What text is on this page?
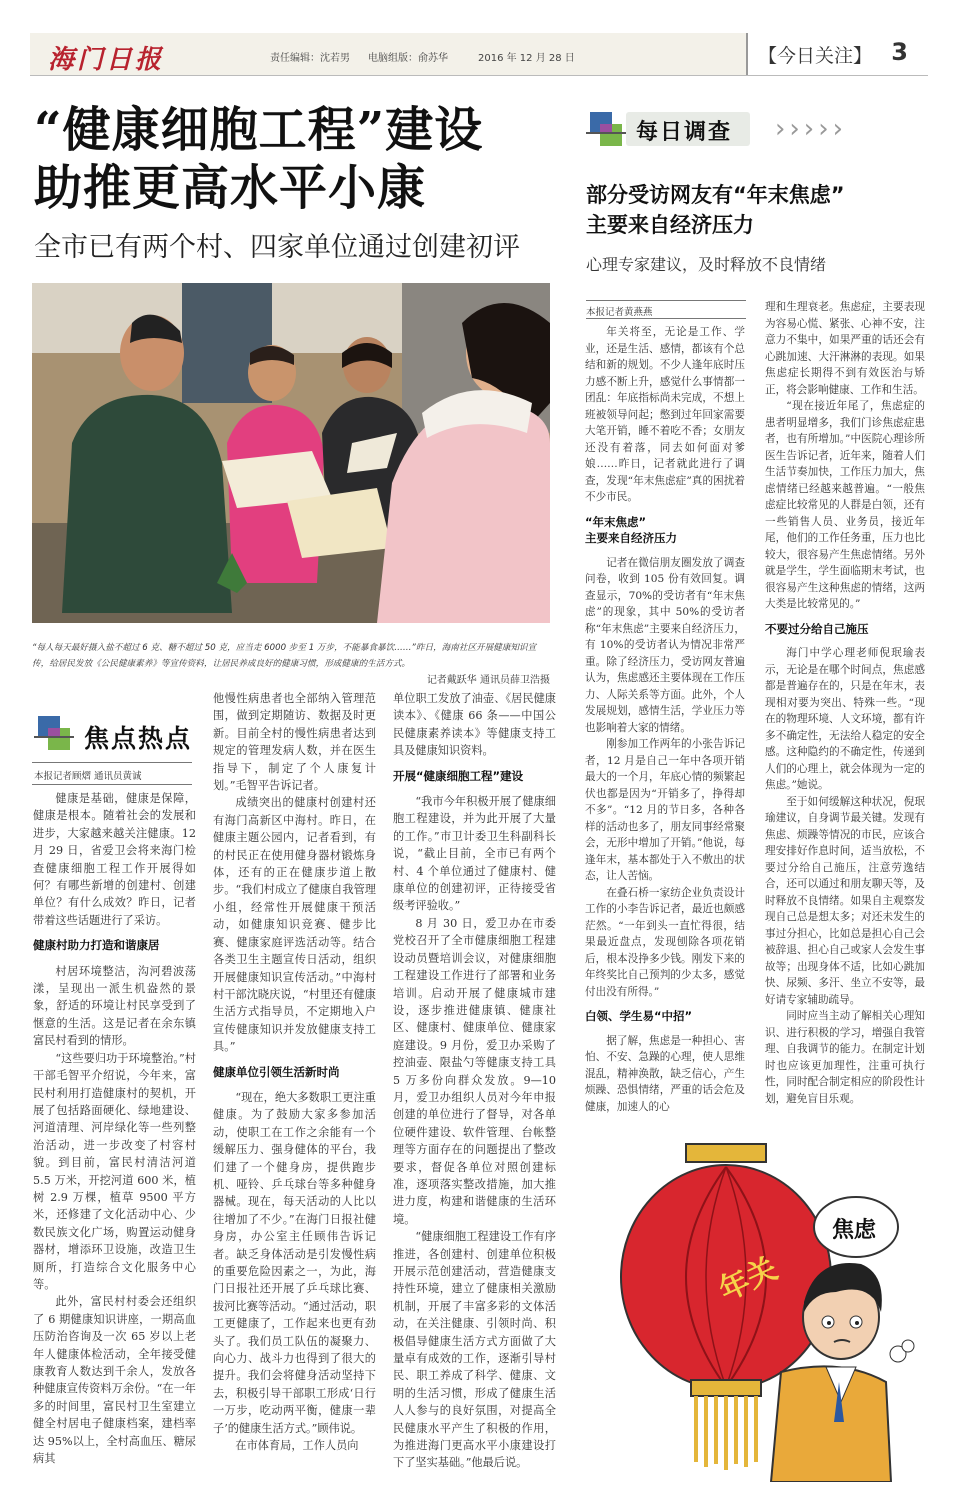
海门日报	责任编辑：沈若男 电脑组版：俞苏华	2016 年 12 月 28 日	【今日关注】 3
“健康细胞工程”建设
助推更高水平小康
全市已有两个村、四家单位通过创建初评
“每人每天最好摄入盐不超过 6 克、糖不超过 50 克，应当走 6000 步至 1 万步，不能暴食暴饮……”昨日，海南社区开展健康知识宣传，给居民发放《公民健康素养》等宣传资料，让居民养成良好的健康习惯，形成健康的生活方式。
记者戴跃华 通讯员薛卫浩摄
焦点热点
本报记者顾熠 通讯员黄诚

健康是基础，健康是保障，健康是根本。随着社会的发展和进步，大家越来越关注健康。12 月 29 日，省爱卫会将来海门检查健康细胞工程工作开展得如何？有哪些新增的创建村、创建单位？有什么成效？昨日，记者带着这些话题进行了采访。

健康村助力打造和谐康居

村居环境整洁，沟河碧波荡漾，呈现出一派生机盎然的景象，舒适的环境让村民享受到了惬意的生活。这是记者在余东镇富民村看到的情形。

“这些要归功于环境整治。”村干部毛智平介绍说，今年来，富民村利用打造健康村的契机，开展了包括路面硬化、绿地建设、河道清理、河岸绿化等一些列整治活动，进一步改变了村容村貌。到目前，富民村清洁河道 5.5 万米，开挖河道 600 米，植树 2.9 万棵，植草 9500 平方米，还修建了文化活动中心、少数民族文化广场，购置运动健身器材，增添环卫设施，改造卫生厕所，打造综合文化服务中心等。

此外，富民村村委会还组织了 6 期健康知识讲座，一期高血压防治咨询及一次 65 岁以上老年人健康体检活动，全年接受健康教育人数达到千余人，发放各种健康宣传资料万余份。“在一年多的时间里，富民村卫生室建立健全村居电子健康档案，建档率达 95%以上，全村高血压、糖尿病其

他慢性病患者也全部纳入管理范围，做到定期随访、数据及时更新。目前全村的慢性病患者达到规定的管理发病人数，并在医生指导下，制定了个人康复计划。”毛智平告诉记者。

成绩突出的健康村创建村还有海门高新区中海村。昨日，在健康主题公园内，记者看到，有的村民正在使用健身器材锻炼身体，还有的正在健康步道上散步。“我们村成立了健康自我管理小组，经常性开展健康干预活动，如健康知识竞赛、健步比赛、健康家庭评选活动等。结合各类卫生主题宣传日活动，组织开展健康知识宣传活动。”中海村村干部沈晓庆说，“村里还有健康生活方式指导员，不定期地入户宣传健康知识并发放健康支持工具。”

健康单位引领生活新时尚

“现在，绝大多数职工更注重健康。为了鼓励大家多参加活动，使职工在工作之余能有一个缓解压力、强身健体的平台，我们建了一个健身房，提供跑步机、哑铃、乒乓球台等多种健身器械。现在，每天活动的人比以往增加了不少。”在海门日报社健身房，办公室主任顾伟告诉记者。缺乏身体活动是引发慢性病的重要危险因素之一，为此，海门日报社还开展了乒乓球比赛、拔河比赛等活动。“通过活动，职工更健康了，工作起来也更有劲头了。我们员工队伍的凝聚力、向心力、战斗力也得到了很大的提升。我们会将健身活动坚持下去，积极引导干部职工形成‘日行一万步，吃动两平衡，健康一辈子’的健康生活方式。”顾伟说。

在市体育局，工作人员向

单位职工发放了油壶、《居民健康读本》、《健康 66 条——中国公民健康素养读本》等健康支持工具及健康知识资料。

开展“健康细胞工程”建设

“我市今年积极开展了健康细胞工程建设，并为此开展了大量的工作。”市卫计委卫生科副科长说，“截止目前，全市已有两个村、4 个单位通过了健康村、健康单位的创建初评，正待接受省级考评验收。”

8 月 30 日，爱卫办在市委党校召开了全市健康细胞工程建设动员暨培训会议，对健康细胞工程建设工作进行了部署和业务培训。启动开展了健康城市建设，逐步推进健康镇、健康社区、健康村、健康单位、健康家庭建设。9 月份，爱卫办采购了控油壶、限盐勺等健康支持工具 5 万多份向群众发放。9—10 月，爱卫办组织人员对今年申报创建的单位进行了督导，对各单位硬件建设、软件管理、台帐整理等方面存在的问题提出了整改要求，督促各单位对照创建标准，逐项落实整改措施，加大推进力度，构建和谐健康的生活环境。

“健康细胞工程建设工作有序推进，各创建村、创建单位积极开展示范创建活动，营造健康支持性环境，建立了健康相关激励机制，开展了丰富多彩的文体活动，在关注健康、引领时尚、积极倡导健康生活方式方面做了大量卓有成效的工作，逐渐引导村民、职工养成了科学、健康、文明的生活习惯，形成了健康生活人人参与的良好氛围，对提高全民健康水平产生了积极的作用，为推进海门更高水平小康建设打下了坚实基础。”他最后说。

每日调查 ›››››
部分受访网友有“年末焦虑”
主要来自经济压力
心理专家建议，及时释放不良情绪
本报记者黄燕燕

年关将至，无论是工作、学业，还是生活、感情，都该有个总结和新的规划。不少人逢年底时压力感不断上升，感觉什么事情都一团乱：年底指标尚未完成，不想上班被领导问起；憋到过年回家需要大笔开销，睡不着吃不香；女朋友还没有着落，同去如何面对爹娘……昨日，记者就此进行了调查，发现“年末焦虑症”真的困扰着不少市民。

“年末焦虑”
主要来自经济压力

记者在微信朋友圈发放了调查问卷，收到 105 份有效回复。调查显示，70%的受访者有“年末焦虑”的现象，其中 50%的受访者称“年末焦虑”主要来自经济压力，有 10%的受访者认为情况非常严重。除了经济压力，受访网友普遍认为，焦虑感还主要体现在工作压力、人际关系等方面。此外，个人发展规划，感情生活，学业压力等也影响着大家的情绪。

刚参加工作两年的小张告诉记者，12 月是自己一年中各项开销最大的一个月，年底心情的频繁起伏也都是因为“开销多了，挣得却不多”。“12 月的节日多，各种各样的活动也多了，朋友同事经常聚会，无形中增加了开销。”他说，每逢年末，基本都处于入不敷出的状态，让人苦恼。

在叠石桥一家纺企业负责设计工作的小李告诉记者，最近也颇感茫然。“一年到头一直忙得很，结果最近盘点，发现刨除各项花销后，根本没挣多少钱。刚发下来的年终奖比自己预判的少太多，感觉付出没有所得。”

白领、学生易“中招”

据了解，焦虑是一种担心、害怕、不安、急躁的心理，使人思维混乱，精神涣散，缺乏信心，产生烦躁、恐惧情绪，严重的话会危及健康，加速人的心

理和生理衰老。焦虑症，主要表现为容易心慌、紧张、心神不安，注意力不集中，如果严重的话还会有心跳加速、大汗淋淋的表现。如果焦虑症长期得不到有效医治与矫正，将会影响健康、工作和生活。

“现在接近年尾了，焦虑症的患者明显增多，我们门诊焦虑症患者，也有所增加。”中医院心理诊所医生告诉记者，近年来，随着人们生活节奏加快，工作压力加大，焦虑情绪已经越来越普遍。“一般焦虑症比较常见的人群是白领，还有一些销售人员、业务员，接近年尾，他们的工作任务重，压力也比较大，很容易产生焦虑情绪。另外就是学生，学生面临期末考试，也很容易产生这种焦虑的情绪，这两大类是比较常见的。”

不要过分给自己施压

海门中学心理老师倪珉瑜表示，无论是在哪个时间点，焦虑感都是普遍存在的，只是在年末，表现相对要为突出、特殊一些。“现在的物理环境、人文环境，都有许多不确定性，无法给人稳定的安全感。这种隐约的不确定性，传递到人们的心理上，就会体现为一定的焦虑。”她说。

至于如何缓解这种状况，倪珉瑜建议，自身调节最关键。发现有焦虑、烦躁等情况的市民，应该合理安排好作息时间，适当放松，不要过分给自己施压，注意劳逸结合，还可以通过和朋友聊天等，及时释放不良情绪。如果自主观察发现自己总是想太多；对还未发生的事过分担心，比如总是担心自己会被辞退、担心自己或家人会发生事故等；出现身体不适，比如心跳加快、尿频、多汗、坐立不安等，最好请专家辅助疏导。

同时应当主动了解相关心理知识、进行积极的学习，增强自我管理、自我调节的能力。在制定计划时也应该更加理性，注重可执行性，同时配合制定相应的阶段性计划，避免盲目乐观。

年关
焦虑
